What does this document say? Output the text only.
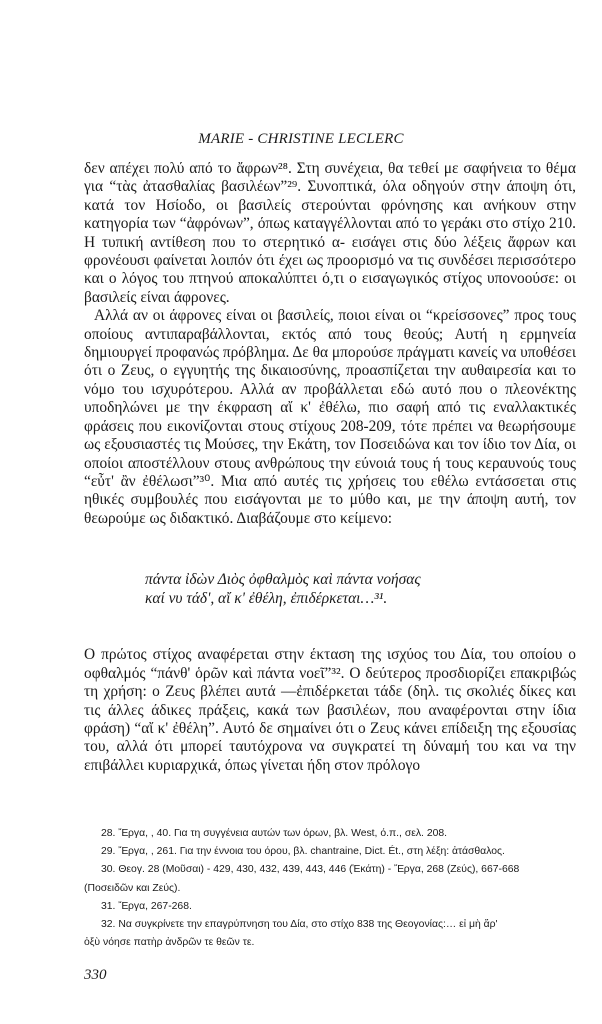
MARIE - CHRISTINE LECLERC

δεν απέχει πολύ από το ἄφρων²⁸. Στη συνέχεια, θα τεθεί με σαφήνεια το θέμα για “τὰς ἀτασθαλίας βασιλέων”²⁹. Συνοπτικά, όλα οδηγούν στην άποψη ότι, κατά τον Ησίοδο, οι βασιλείς στερούνται φρόνησης και ανήκουν στην κατηγορία των “ἀφρόνων”, όπως καταγγέλλονται από το γεράκι στο στίχο 210. Η τυπική αντίθεση που το στερητικό α- εισάγει στις δύο λέξεις ἄφρων και φρονέουσι φαίνεται λοιπόν ότι έχει ως προορισμό να τις συνδέσει περισσότερο και ο λόγος του πτηνού αποκαλύπτει ό,τι ο εισαγωγικός στίχος υπονοούσε: οι βασιλείς είναι άφρονες.

Αλλά αν οι άφρονες είναι οι βασιλείς, ποιοι είναι οι “κρείσσονες” προς τους οποίους αντιπαραβάλλονται, εκτός από τους θεούς; Αυτή η ερμηνεία δημιουργεί προφανώς πρόβλημα. Δε θα μπορούσε πράγματι κανείς να υποθέσει ότι ο Ζευς, ο εγγυητής της δικαιοσύνης, προασπίζεται την αυθαιρεσία και το νόμο του ισχυρότερου. Αλλά αν προβάλλεται εδώ αυτό που ο πλεονέκτης υποδηλώνει με την έκφραση αἴ κ' ἐθέλω, πιο σαφή από τις εναλλακτικές φράσεις που εικονίζονται στους στίχους 208-209, τότε πρέπει να θεωρήσουμε ως εξουσιαστές τις Μούσες, την Εκάτη, τον Ποσειδώνα και τον ίδιο τον Δία, οι οποίοι αποστέλλουν στους ανθρώπους την εύνοιά τους ή τους κεραυνούς τους “εὖτ' ἂν ἐθέλωσι”³⁰. Μια από αυτές τις χρήσεις του εθέλω εντάσσεται στις ηθικές συμβουλές που εισάγονται με το μύθο και, με την άποψη αυτή, τον θεωρούμε ως διδακτικό. Διαβάζουμε στο κείμενο:

πάντα ἰδὼν Διὸς ὀφθαλμὸς καὶ πάντα νοήσας
καί νυ τάδ', αἴ κ' ἐθέλη, ἐπιδέρκεται…³¹.

Ο πρώτος στίχος αναφέρεται στην έκταση της ισχύος του Δία, του οποίου ο οφθαλμός “πάνθ' ὁρῶν καὶ πάντα νοεῖ”³². Ο δεύτερος προσδιορίζει επακριβώς τη χρήση: ο Ζευς βλέπει αυτά —ἐπιδέρκεται τάδε (δηλ. τις σκολιές δίκες και τις άλλες άδικες πράξεις, κακά των βασιλέων, που αναφέρονται στην ίδια φράση) “αἴ κ' ἐθέλη”. Αυτό δε σημαίνει ότι ο Ζευς κάνει επίδειξη της εξουσίας του, αλλά ότι μπορεί ταυτόχρονα να συγκρατεί τη δύναμή του και να την επιβάλλει κυριαρχικά, όπως γίνεται ήδη στον πρόλογο

28. Ἔργα, , 40. Για τη συγγένεια αυτών των όρων, βλ. West, ό.π., σελ. 208.
29. Ἔργα, , 261. Για την έννοια του όρου, βλ. chantraine, Dict. Ét., στη λέξη: ἀτάσθαλος.
30. Θεογ. 28 (Μοῦσαι) - 429, 430, 432, 439, 443, 446 (Ἑκάτη) - Ἔργα, 268 (Ζεύς), 667-668
(Ποσειδῶν και Ζεύς).
31. Ἔργα, 267-268.
32. Να συγκρίνετε την επαγρύπνηση του Δία, στο στίχο 838 της Θεογονίας:… εἰ μὴ ἄρ'
ὀξὺ νόησε πατὴρ ἀνδρῶν τε θεῶν τε.
330
